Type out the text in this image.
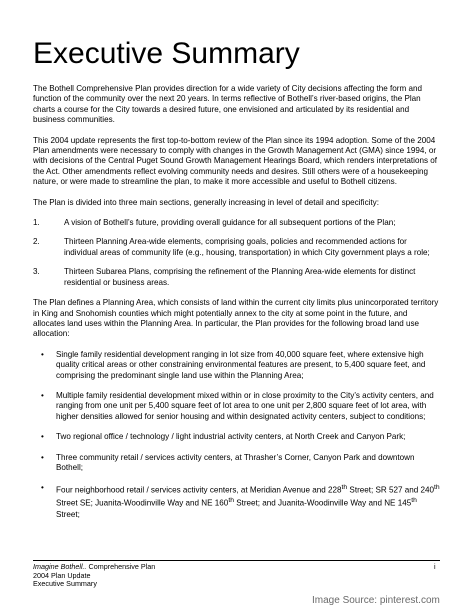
Executive Summary

The Bothell Comprehensive Plan provides direction for a wide variety of City decisions affecting the form and function of the community over the next 20 years. In terms reflective of Bothell’s river-based origins, the Plan charts a course for the City towards a desired future, one envisioned and articulated by its residential and business communities.

This 2004 update represents the first top-to-bottom review of the Plan since its 1994 adoption. Some of the 2004 Plan amendments were necessary to comply with changes in the Growth Management Act (GMA) since 1994, or with decisions of the Central Puget Sound Growth Management Hearings Board, which renders interpretations of the Act. Other amendments reflect evolving community needs and desires. Still others were of a housekeeping nature, or were made to streamline the plan, to make it more accessible and useful to Bothell citizens.

The Plan is divided into three main sections, generally increasing in level of detail and specificity:

1.	A vision of Bothell’s future, providing overall guidance for all subsequent portions of the Plan;
2.	Thirteen Planning Area-wide elements, comprising goals, policies and recommended actions for individual areas of community life (e.g., housing, transportation) in which City government plays a role;
3.	Thirteen Subarea Plans, comprising the refinement of the Planning Area-wide elements for distinct residential or business areas.

The Plan defines a Planning Area, which consists of land within the current city limits plus unincorporated territory in King and Snohomish counties which might potentially annex to the city at some point in the future, and allocates land uses within the Planning Area. In particular, the Plan provides for the following broad land use allocation:

•	Single family residential development ranging in lot size from 40,000 square feet, where extensive high quality critical areas or other constraining environmental features are present, to 5,400 square feet, and comprising the predominant single land use within the Planning Area;
•	Multiple family residential development mixed within or in close proximity to the City’s activity centers, and ranging from one unit per 5,400 square feet of lot area to one unit per 2,800 square feet of lot area, with higher densities allowed for senior housing and within designated activity centers, subject to conditions;
•	Two regional office / technology / light industrial activity centers, at North Creek and Canyon Park;
•	Three community retail / services activity centers, at Thrasher’s Corner, Canyon Park and downtown Bothell;
•	Four neighborhood retail / services activity centers, at Meridian Avenue and 228th Street; SR 527 and 240th Street SE; Juanita-Woodinville Way and NE 160th Street; and Juanita-Woodinville Way and NE 145th Street;
Imagine Bothell.. Comprehensive Plan
2004 Plan Update
Executive Summary
i
Image Source: pinterest.com
